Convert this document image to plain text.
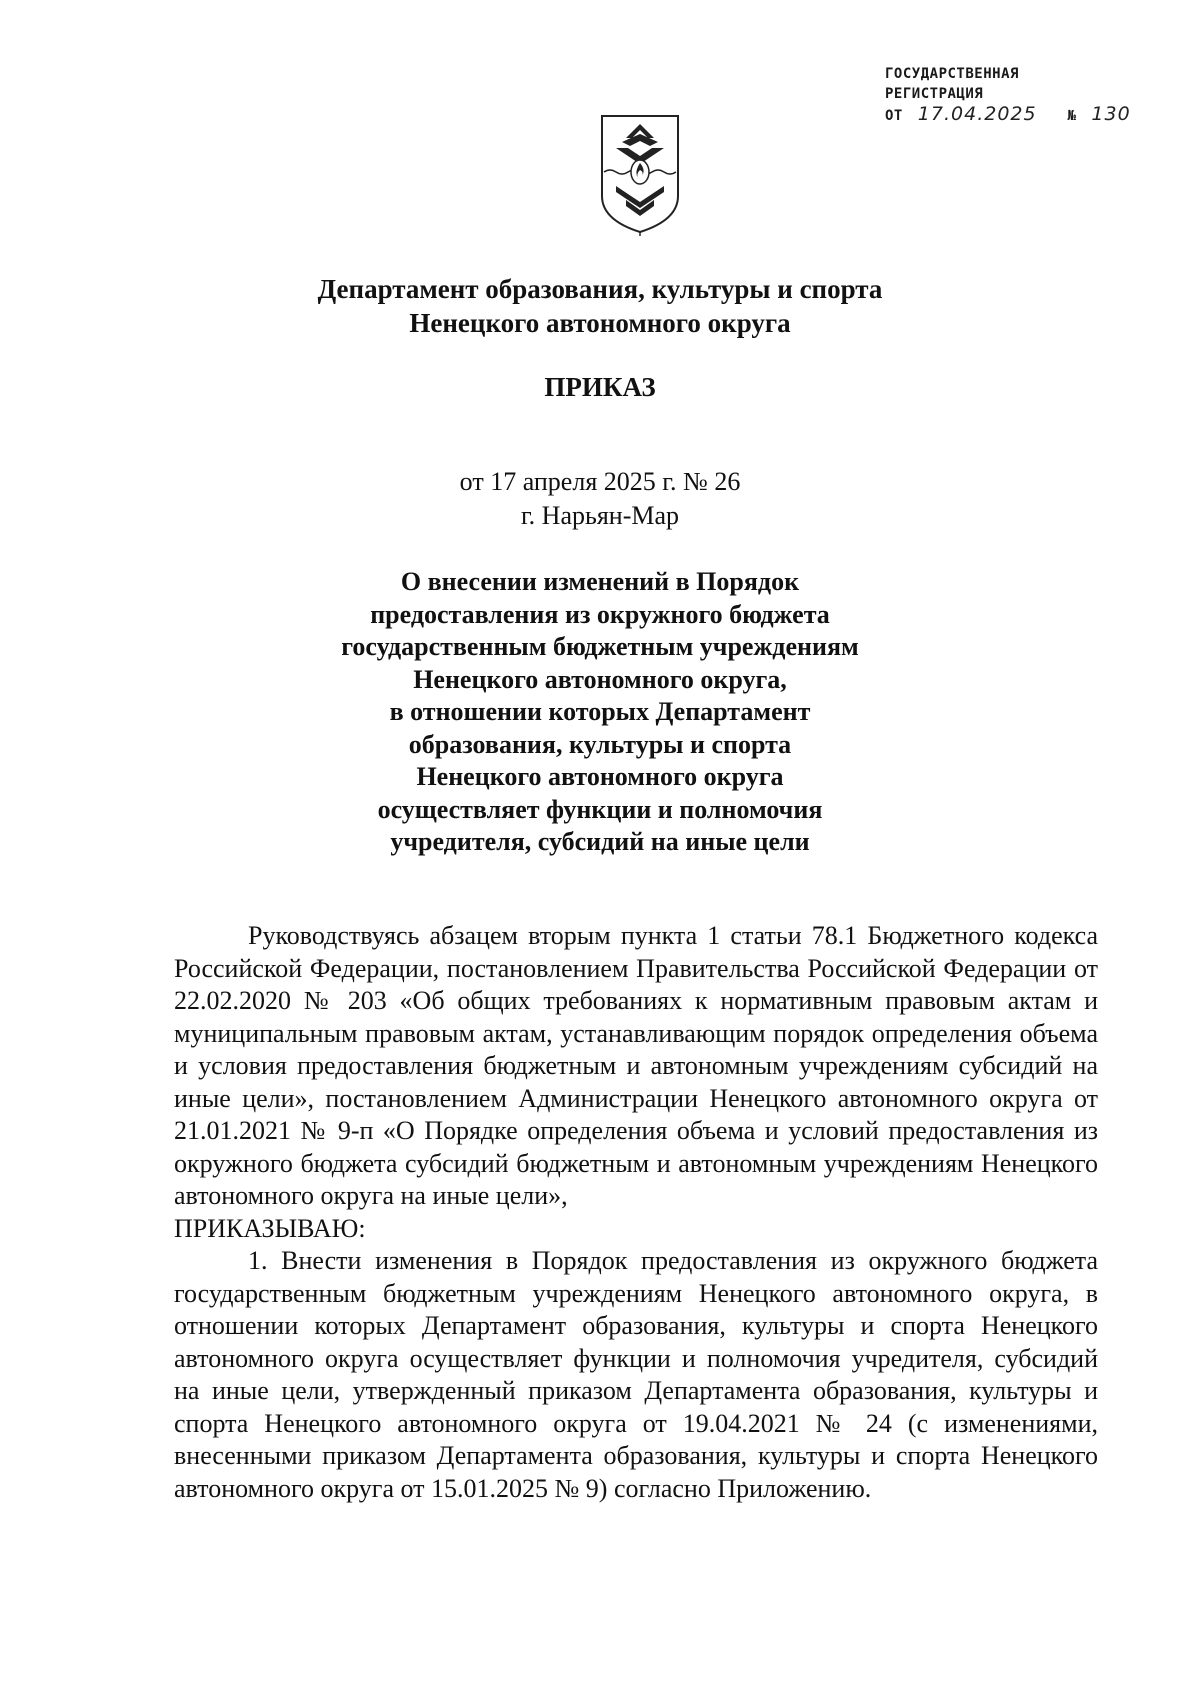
ГОСУДАРСТВЕННАЯ
РЕГИСТРАЦИЯ
ОТ 17.04.2025 № 130
Департамент образования, культуры и спорта
Ненецкого автономного округа
ПРИКАЗ
от 17 апреля 2025 г. № 26
г. Нарьян-Мар
О внесении изменений в Порядок
предоставления из окружного бюджета
государственным бюджетным учреждениям
Ненецкого автономного округа,
в отношении которых Департамент
образования, культуры и спорта
Ненецкого автономного округа
осуществляет функции и полномочия
учредителя, субсидий на иные цели

Руководствуясь абзацем вторым пункта 1 статьи 78.1 Бюджетного кодекса Российской Федерации, постановлением Правительства Российской Федерации от 22.02.2020 № 203 «Об общих требованиях к нормативным правовым актам и муниципальным правовым актам, устанавливающим порядок определения объема и условия предоставления бюджетным и автономным учреждениям субсидий на иные цели», постановлением Администрации Ненецкого автономного округа от 21.01.2021 № 9-п «О Порядке определения объема и условий предоставления из окружного бюджета субсидий бюджетным и автономным учреждениям Ненецкого автономного округа на иные цели»,

ПРИКАЗЫВАЮ:

1. Внести изменения в Порядок предоставления из окружного бюджета государственным бюджетным учреждениям Ненецкого автономного округа, в отношении которых Департамент образования, культуры и спорта Ненецкого автономного округа осуществляет функции и полномочия учредителя, субсидий на иные цели, утвержденный приказом Департамента образования, культуры и спорта Ненецкого автономного округа от 19.04.2021 № 24 (с изменениями, внесенными приказом Департамента образования, культуры и спорта Ненецкого автономного округа от 15.01.2025 № 9) согласно Приложению.
